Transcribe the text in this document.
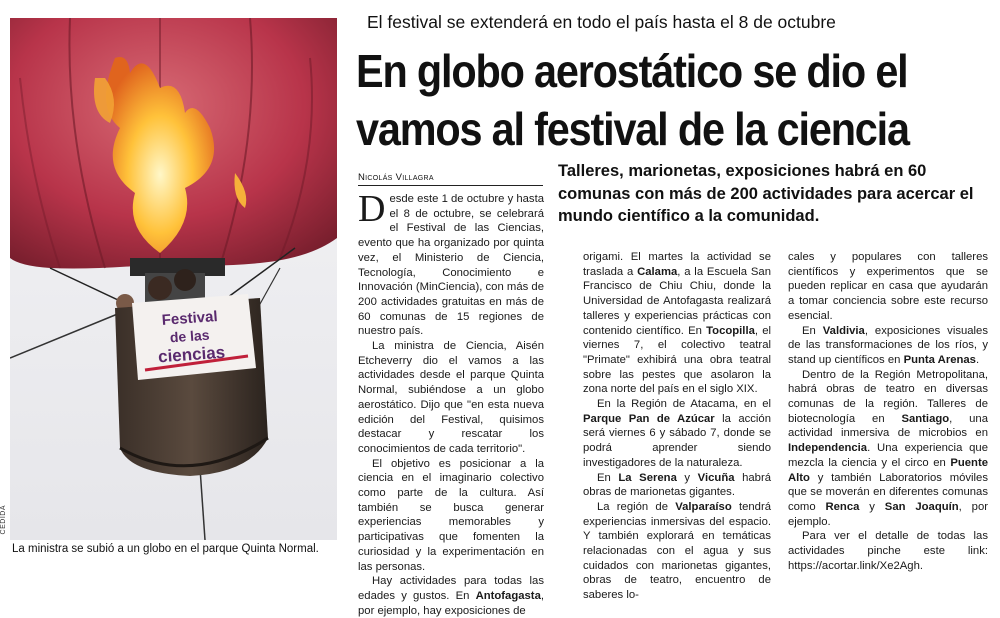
Festival
de las
ciencias
CEDIDA
La ministra se subió a un globo en el parque Quinta Normal.
El festival se extenderá en todo el país hasta el 8 de octubre
En globo aerostático se dio el
vamos al festival de la ciencia
Nicolás Villagra	Talleres, marionetas, exposiciones habrá en 60 comunas con más de 200 actividades para acercar el mundo científico a la comunidad.

Desde este 1 de octubre y hasta el 8 de octubre, se celebrará el Festival de las Ciencias, evento que ha organizado por quinta vez, el Ministerio de Ciencia, Tecnología, Conocimiento e Innovación (MinCiencia), con más de 200 actividades gratuitas en más de 60 comunas de 15 regiones de nuestro país.

La ministra de Ciencia, Aisén Etcheverry dio el vamos a las actividades desde el parque Quinta Normal, subiéndose a un globo aerostático. Dijo que "en esta nueva edición del Festival, quisimos destacar y rescatar los conocimientos de cada territorio".

El objetivo es posicionar a la ciencia en el imaginario colectivo como parte de la cultura. Así también se busca generar experiencias memorables y participativas que fomenten la curiosidad y la experimentación en las personas.

Hay actividades para todas las edades y gustos. En Antofagasta, por ejemplo, hay exposiciones de

origami. El martes la actividad se traslada a Calama, a la Escuela San Francisco de Chiu Chiu, donde la Universidad de Antofagasta realizará talleres y experiencias prácticas con contenido científico. En Tocopilla, el viernes 7, el colectivo teatral "Primate" exhibirá una obra teatral sobre las pestes que asolaron la zona norte del país en el siglo XIX.

En la Región de Atacama, en el Parque Pan de Azúcar la acción será viernes 6 y sábado 7, donde se podrá aprender siendo investigadores de la naturaleza.

En La Serena y Vicuña habrá obras de marionetas gigantes.

La región de Valparaíso tendrá experiencias inmersivas del espacio. Y también explorará en temáticas relacionadas con el agua y sus cuidados con marionetas gigantes, obras de teatro, encuentro de saberes lo-

cales y populares con talleres científicos y experimentos que se pueden replicar en casa que ayudarán a tomar conciencia sobre este recurso esencial.

En Valdivia, exposiciones visuales de las transformaciones de los ríos, y stand up científicos en Punta Arenas.

Dentro de la Región Metropolitana, habrá obras de teatro en diversas comunas de la región. Talleres de biotecnología en Santiago, una actividad inmersiva de microbios en Independencia. Una experiencia que mezcla la ciencia y el circo en Puente Alto y también Laboratorios móviles que se moverán en diferentes comunas como Renca y San Joaquín, por ejemplo.

Para ver el detalle de todas las actividades pinche este link: https://acortar.link/Xe2Agh.
